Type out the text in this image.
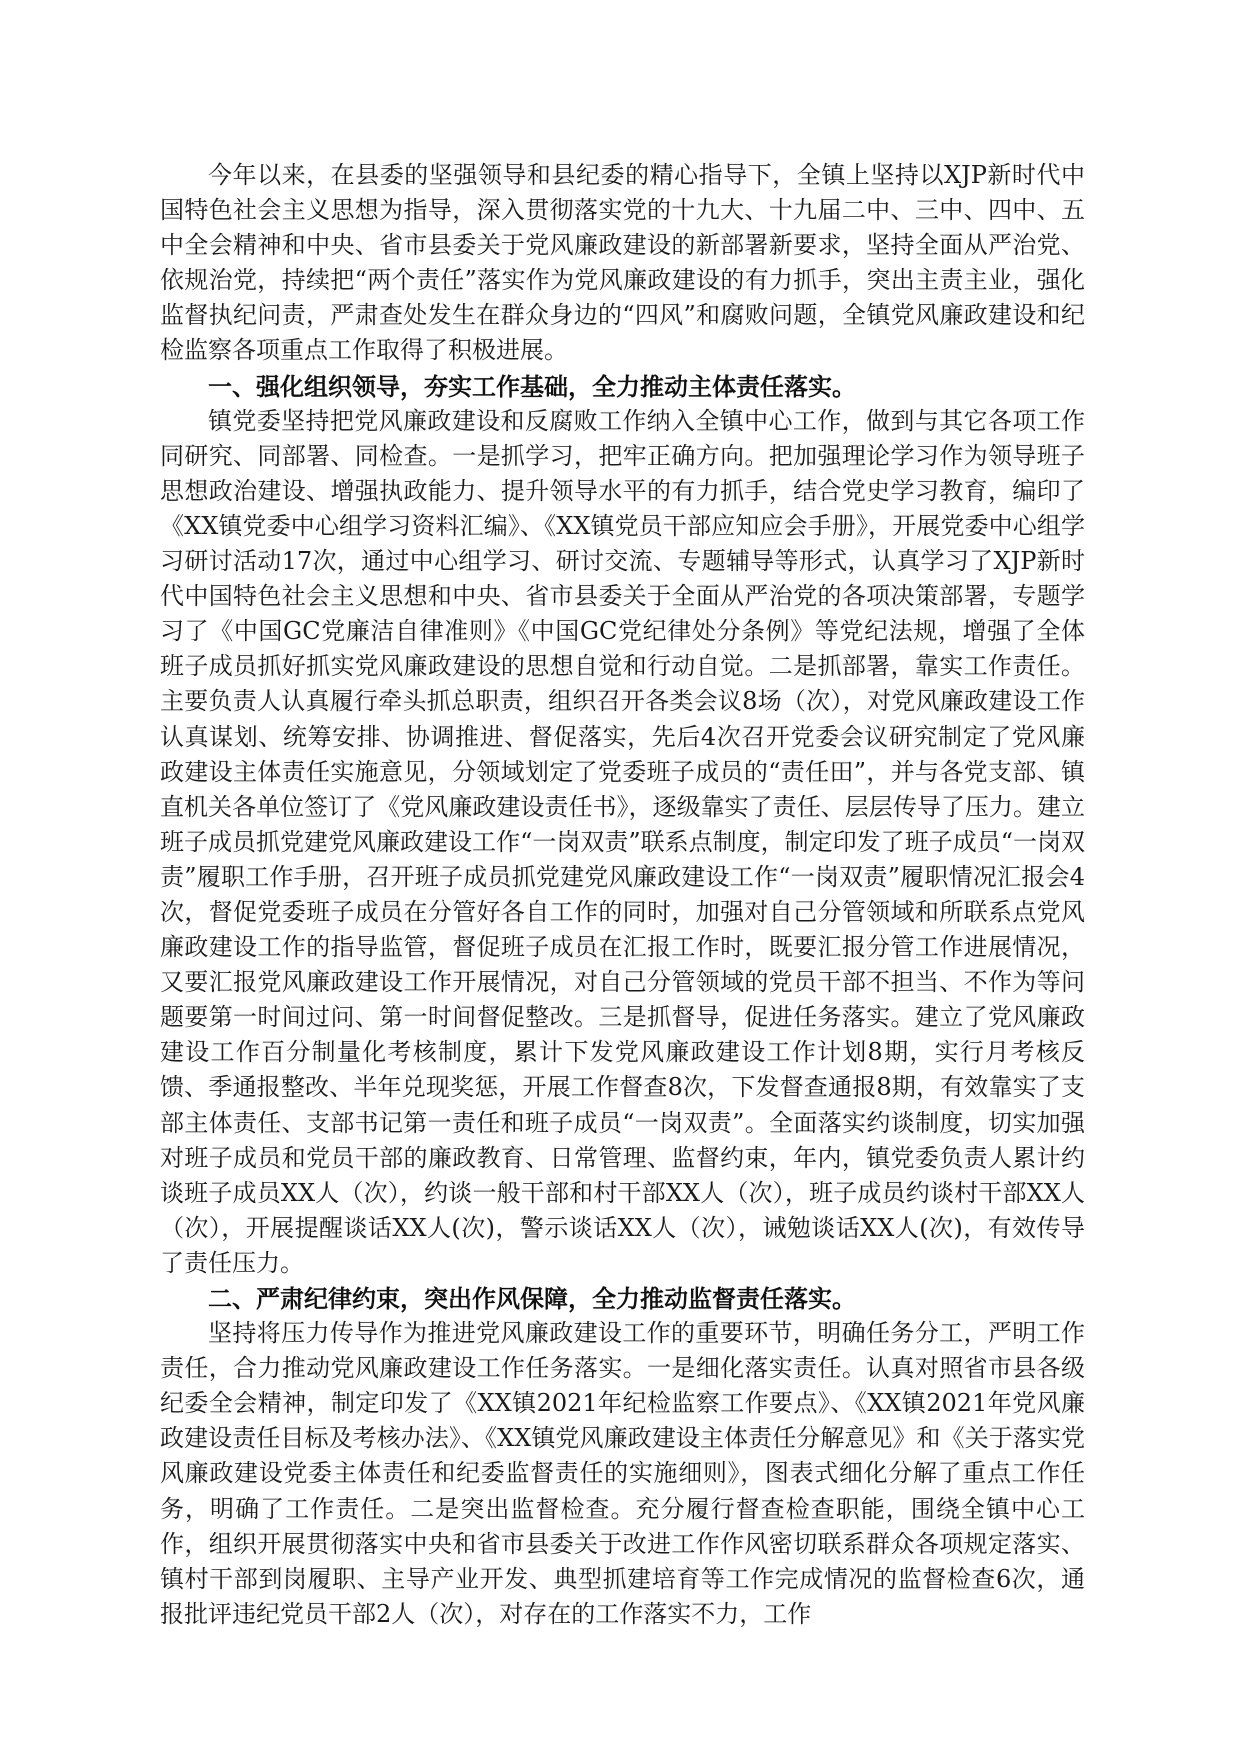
今年以来，在县委的坚强领导和县纪委的精心指导下，全镇上坚持以XJP新时代中国特色社会主义思想为指导，深入贯彻落实党的十九大、十九届二中、三中、四中、五中全会精神和中央、省市县委关于党风廉政建设的新部署新要求，坚持全面从严治党、依规治党，持续把“两个责任”落实作为党风廉政建设的有力抓手，突出主责主业，强化监督执纪问责，严肃查处发生在群众身边的“四风”和腐败问题，全镇党风廉政建设和纪检监察各项重点工作取得了积极进展。

一、强化组织领导，夯实工作基础，全力推动主体责任落实。

镇党委坚持把党风廉政建设和反腐败工作纳入全镇中心工作，做到与其它各项工作同研究、同部署、同检查。一是抓学习，把牢正确方向。把加强理论学习作为领导班子思想政治建设、增强执政能力、提升领导水平的有力抓手，结合党史学习教育，编印了《XX镇党委中心组学习资料汇编》、《XX镇党员干部应知应会手册》，开展党委中心组学习研讨活动17次，通过中心组学习、研讨交流、专题辅导等形式，认真学习了XJP新时代中国特色社会主义思想和中央、省市县委关于全面从严治党的各项决策部署，专题学习了《中国GC党廉洁自律准则》《中国GC党纪律处分条例》等党纪法规，增强了全体班子成员抓好抓实党风廉政建设的思想自觉和行动自觉。二是抓部署，靠实工作责任。主要负责人认真履行牵头抓总职责，组织召开各类会议8场（次），对党风廉政建设工作认真谋划、统筹安排、协调推进、督促落实，先后4次召开党委会议研究制定了党风廉政建设主体责任实施意见，分领域划定了党委班子成员的“责任田”，并与各党支部、镇直机关各单位签订了《党风廉政建设责任书》，逐级靠实了责任、层层传导了压力。建立班子成员抓党建党风廉政建设工作“一岗双责”联系点制度，制定印发了班子成员“一岗双责”履职工作手册，召开班子成员抓党建党风廉政建设工作“一岗双责”履职情况汇报会4次，督促党委班子成员在分管好各自工作的同时，加强对自己分管领域和所联系点党风廉政建设工作的指导监管，督促班子成员在汇报工作时，既要汇报分管工作进展情况，又要汇报党风廉政建设工作开展情况，对自己分管领域的党员干部不担当、不作为等问题要第一时间过问、第一时间督促整改。三是抓督导，促进任务落实。建立了党风廉政建设工作百分制量化考核制度，累计下发党风廉政建设工作计划8期，实行月考核反馈、季通报整改、半年兑现奖惩，开展工作督查8次，下发督查通报8期，有效靠实了支部主体责任、支部书记第一责任和班子成员“一岗双责”。全面落实约谈制度，切实加强对班子成员和党员干部的廉政教育、日常管理、监督约束，年内，镇党委负责人累计约谈班子成员XX人（次），约谈一般干部和村干部XX人（次），班子成员约谈村干部XX人（次），开展提醒谈话XX人(次)，警示谈话XX人（次），诫勉谈话XX人(次)，有效传导了责任压力。

二、严肃纪律约束，突出作风保障，全力推动监督责任落实。

坚持将压力传导作为推进党风廉政建设工作的重要环节，明确任务分工，严明工作责任，合力推动党风廉政建设工作任务落实。一是细化落实责任。认真对照省市县各级纪委全会精神，制定印发了《XX镇2021年纪检监察工作要点》、《XX镇2021年党风廉政建设责任目标及考核办法》、《XX镇党风廉政建设主体责任分解意见》和《关于落实党风廉政建设党委主体责任和纪委监督责任的实施细则》，图表式细化分解了重点工作任务，明确了工作责任。二是突出监督检查。充分履行督查检查职能，围绕全镇中心工作，组织开展贯彻落实中央和省市县委关于改进工作作风密切联系群众各项规定落实、镇村干部到岗履职、主导产业开发、典型抓建培育等工作完成情况的监督检查6次，通报批评违纪党员干部2人（次），对存在的工作落实不力，工作
